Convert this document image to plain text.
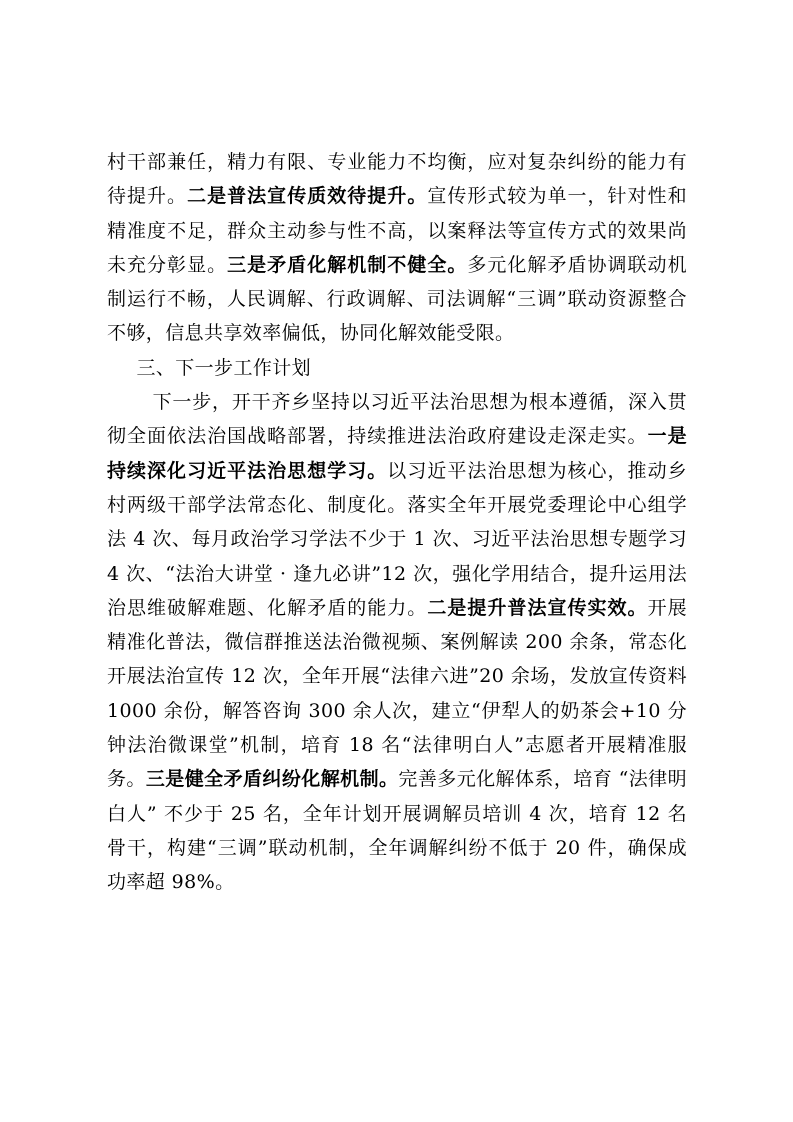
村干部兼任，精力有限、专业能力不均衡，应对复杂纠纷的能力有待提升。二是普法宣传质效待提升。宣传形式较为单一，针对性和精准度不足，群众主动参与性不高，以案释法等宣传方式的效果尚未充分彰显。三是矛盾化解机制不健全。多元化解矛盾协调联动机制运行不畅，人民调解、行政调解、司法调解“三调”联动资源整合不够，信息共享效率偏低，协同化解效能受限。

三、下一步工作计划

下一步，开干齐乡坚持以习近平法治思想为根本遵循，深入贯彻全面依法治国战略部署，持续推进法治政府建设走深走实。一是持续深化习近平法治思想学习。以习近平法治思想为核心，推动乡村两级干部学法常态化、制度化。落实全年开展党委理论中心组学法 4 次、每月政治学习学法不少于 1 次、习近平法治思想专题学习 4 次、“法治大讲堂 · 逢九必讲”12 次，强化学用结合，提升运用法治思维破解难题、化解矛盾的能力。二是提升普法宣传实效。开展精准化普法，微信群推送法治微视频、案例解读 200 余条，常态化开展法治宣传 12 次，全年开展“法律六进”20 余场，发放宣传资料 1000 余份，解答咨询 300 余人次，建立“伊犁人的奶茶会+10 分钟法治微课堂”机制，培育 18 名“法律明白人”志愿者开展精准服务。三是健全矛盾纠纷化解机制。完善多元化解体系，培育 “法律明白人” 不少于 25 名，全年计划开展调解员培训 4 次，培育 12 名骨干，构建“三调”联动机制，全年调解纠纷不低于 20 件，确保成功率超 98%。
